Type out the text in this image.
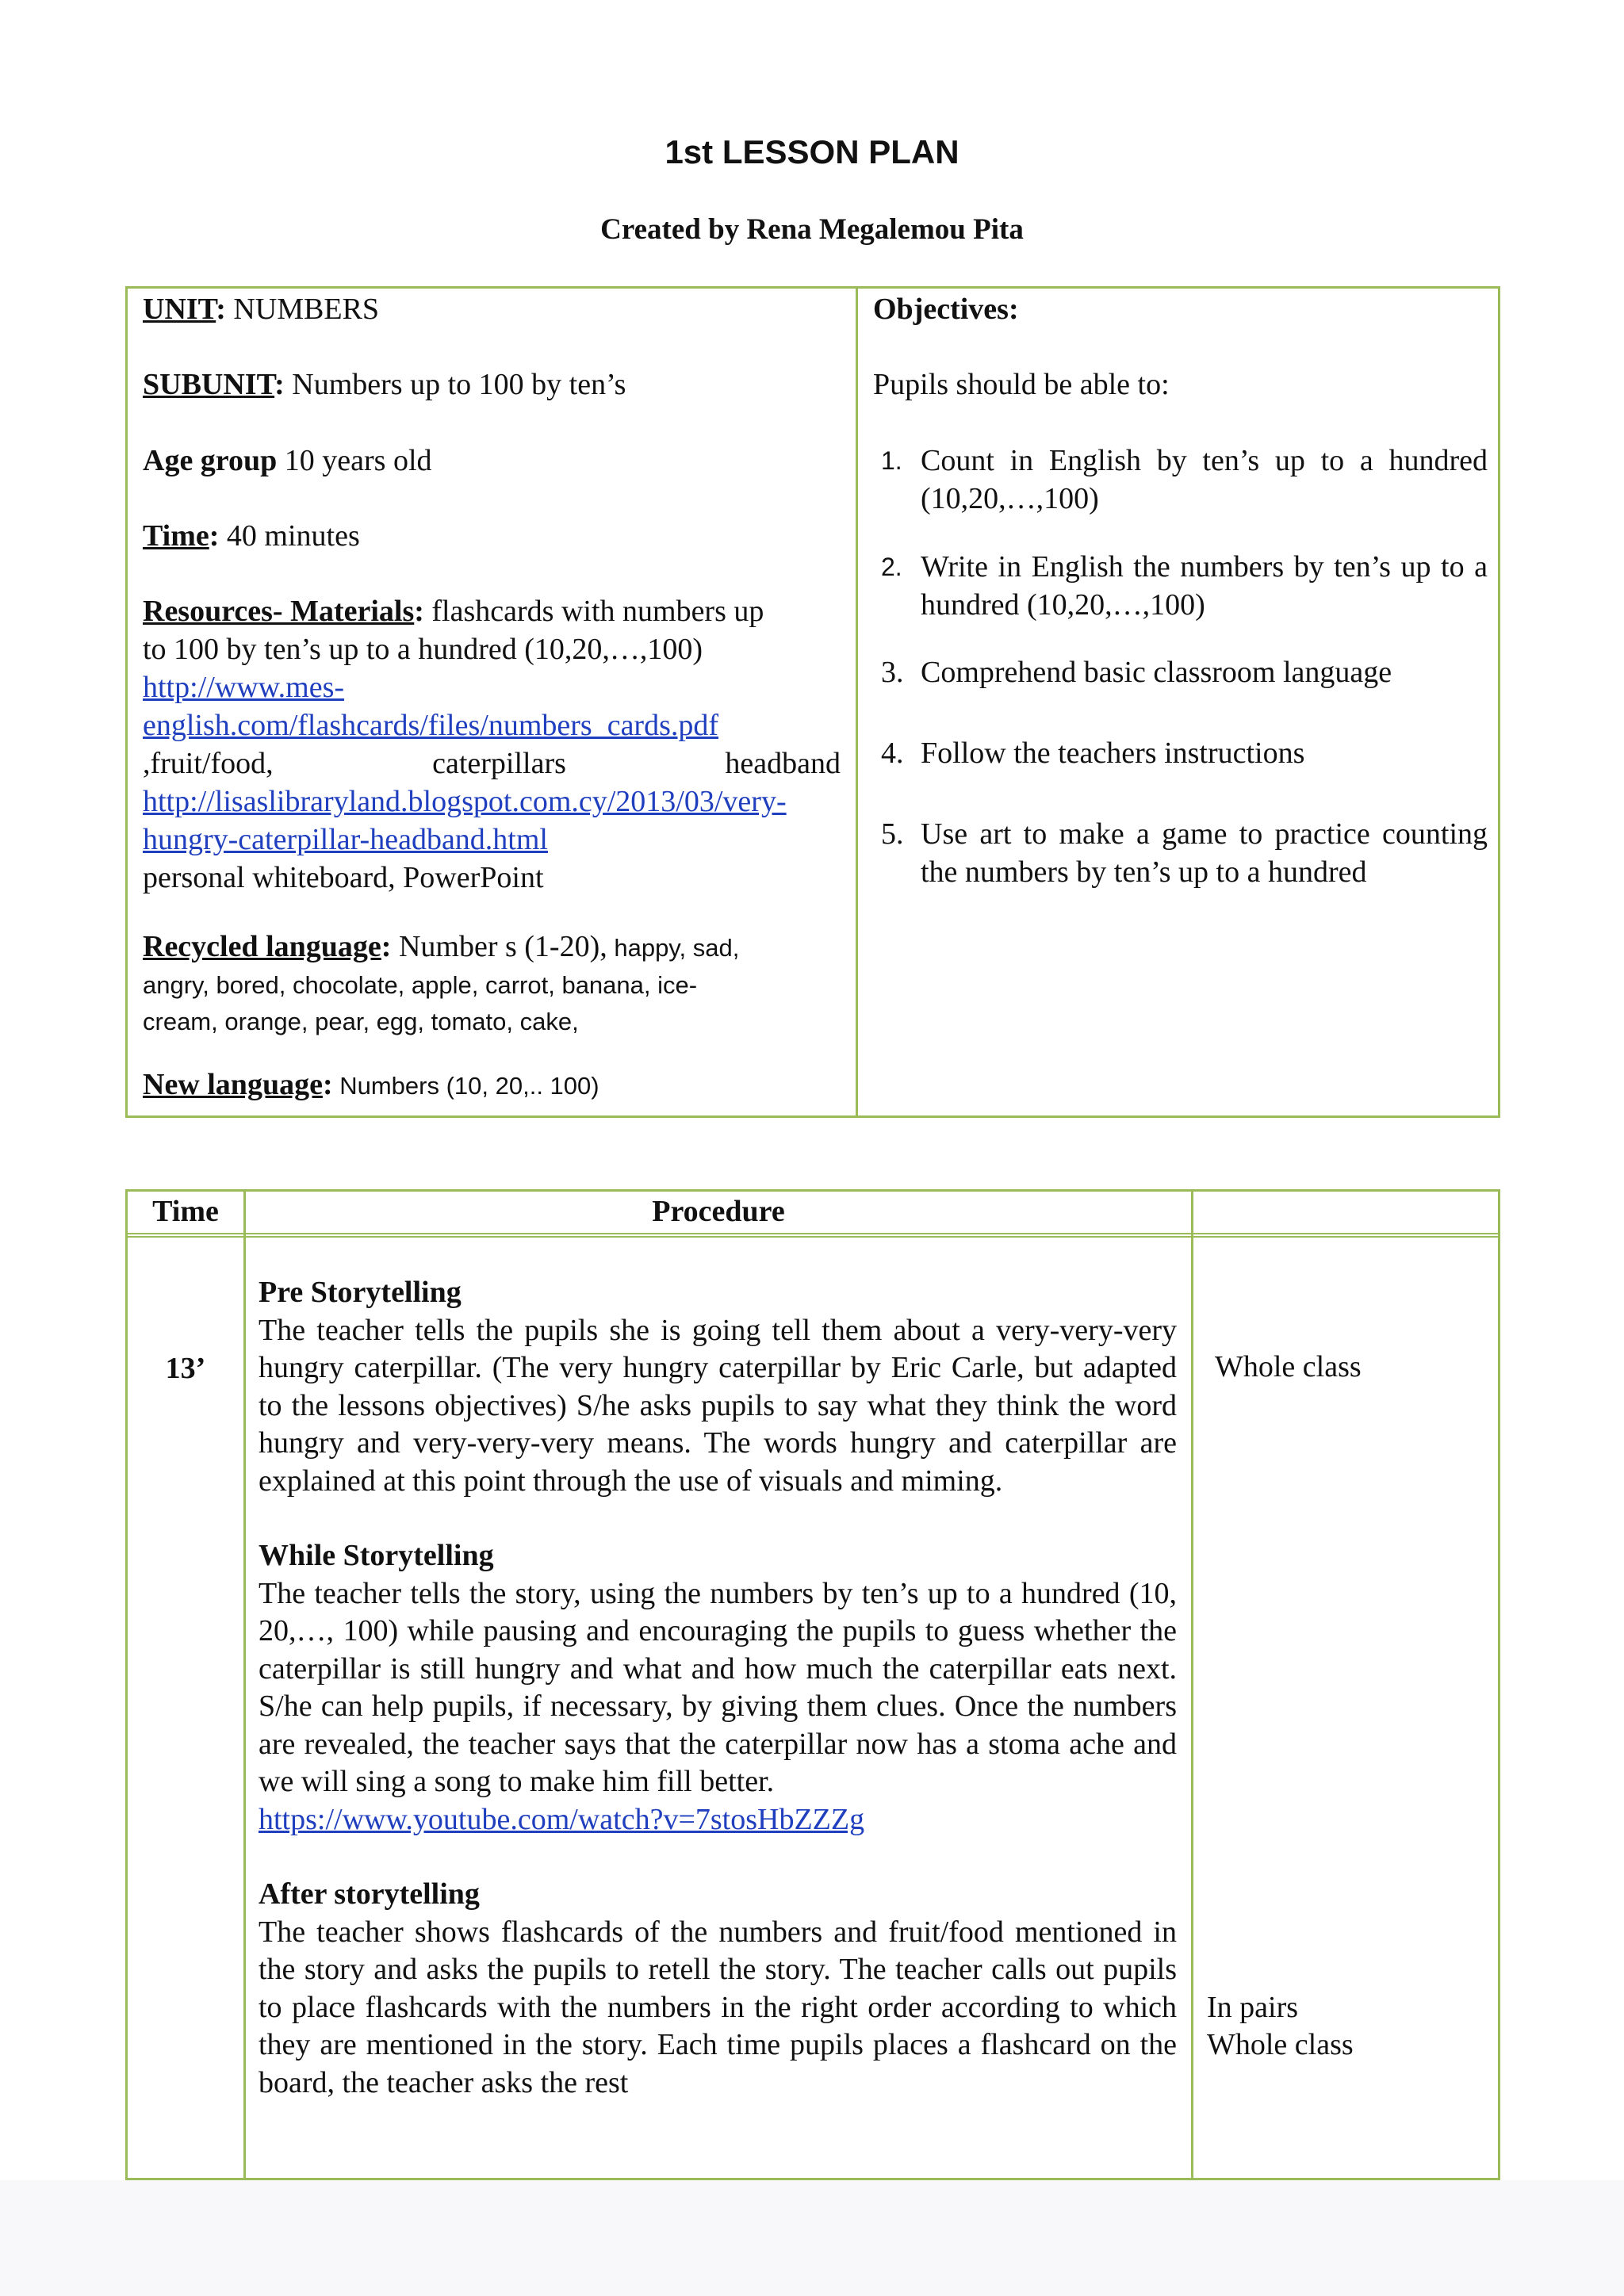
1st LESSON PLAN
Created by Rena Megalemou Pita
UNIT: NUMBERS
SUBUNIT: Numbers up to 100 by ten’s
Age group 10 years old
Time: 40 minutes
Resources- Materials: flashcards with numbers up
to 100 by ten’s up to a hundred (10,20,…,100)
http://www.mes-
english.com/flashcards/files/numbers_cards.pdf
,fruit/food, caterpillars headband
http://lisaslibraryland.blogspot.com.cy/2013/03/very-
hungry-caterpillar-headband.html
personal whiteboard, PowerPoint
Recycled language: Number s (1-20), happy, sad,
angry, bored, chocolate, apple, carrot, banana, ice-
cream, orange, pear, egg, tomato, cake,
New language: Numbers (10, 20,.. 100)
Objectives:
Pupils should be able to:
1. Count in English by ten’s up to a hundred (10,20,…,100)
2. Write in English the numbers by ten’s up to a hundred (10,20,…,100)
3. Comprehend basic classroom language
4. Follow the teachers instructions
5. Use art to make a game to practice counting the numbers by ten’s up to a hundred
Time	Procedure
13’

Pre Storytelling

The teacher tells the pupils she is going tell them about a very-very-very hungry caterpillar. (The very hungry caterpillar by Eric Carle, but adapted to the lessons objectives) S/he asks pupils to say what they think the word hungry and very-very-very means. The words hungry and caterpillar are explained at this point through the use of visuals and miming.

While Storytelling

The teacher tells the story, using the numbers by ten’s up to a hundred (10, 20,…, 100) while pausing and encouraging the pupils to guess whether the caterpillar is still hungry and what and how much the caterpillar eats next. S/he can help pupils, if necessary, by giving them clues. Once the numbers are revealed, the teacher says that the caterpillar now has a stoma ache and we will sing a song to make him fill better.

https://www.youtube.com/watch?v=7stosHbZZZg

After storytelling

The teacher shows flashcards of the numbers and fruit/food mentioned in the story and asks the pupils to retell the story. The teacher calls out pupils to place flashcards with the numbers in the right order according to which they are mentioned in the story. Each time pupils places a flashcard on the board, the teacher asks the rest

Whole class
In pairs
Whole class
